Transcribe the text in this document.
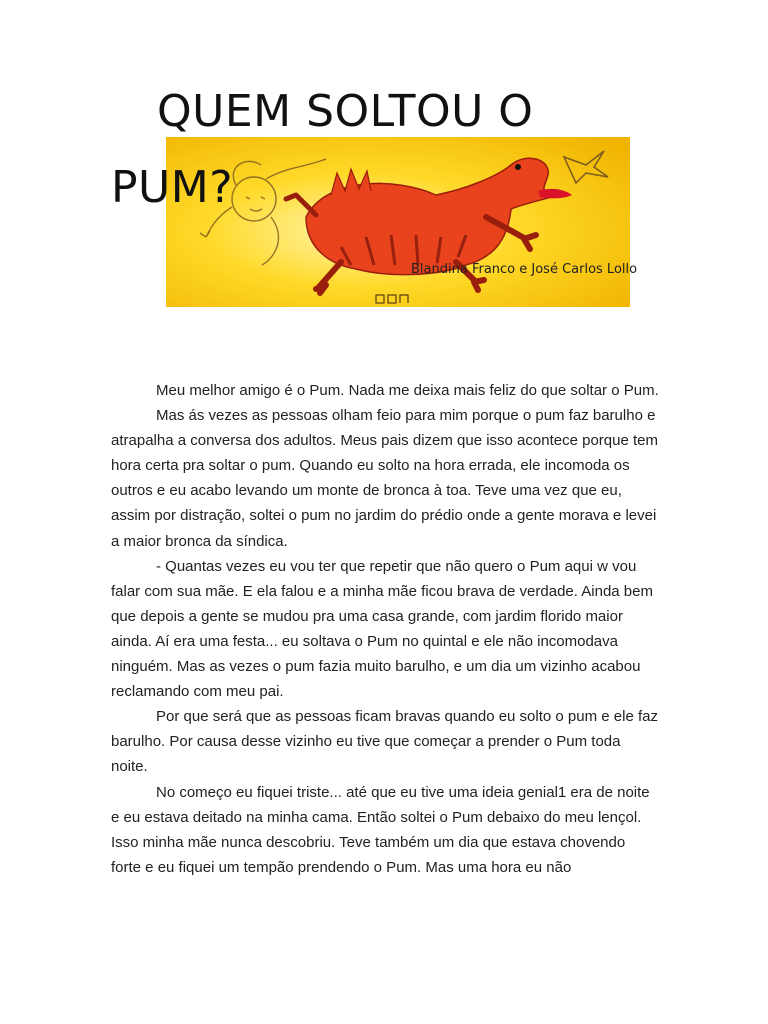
QUEM SOLTOU O
PUM?
Blandina Franco e José Carlos Lollo

Meu melhor amigo é o Pum. Nada me deixa mais feliz do que soltar o Pum.

Mas ás vezes as pessoas olham feio para mim porque o pum faz barulho e atrapalha a conversa dos adultos. Meus pais dizem que isso acontece porque tem hora certa pra soltar o pum. Quando eu solto na hora errada, ele incomoda os outros e eu acabo levando um monte de bronca à toa. Teve uma vez que eu, assim por distração, soltei o pum no jardim do prédio onde a gente morava e levei a maior bronca da síndica.

- Quantas vezes eu vou ter que repetir que não quero o Pum aqui w vou falar com sua mãe. E ela falou e a minha mãe ficou brava de verdade. Ainda bem que depois a gente se mudou pra uma casa grande, com jardim florido maior ainda. Aí era uma festa... eu soltava o Pum no quintal e ele não incomodava ninguém. Mas as vezes o pum fazia muito barulho, e um dia um vizinho acabou reclamando com meu pai.

Por que será que as pessoas ficam bravas quando eu solto o pum e ele faz barulho. Por causa desse vizinho eu tive que começar a prender o Pum toda noite.

No começo eu fiquei triste... até que eu tive uma ideia genial1 era de noite e eu estava deitado na minha cama. Então soltei o Pum debaixo do meu lençol. Isso minha mãe nunca descobriu. Teve também um dia que estava chovendo forte e eu fiquei um tempão prendendo o Pum. Mas uma hora eu não
